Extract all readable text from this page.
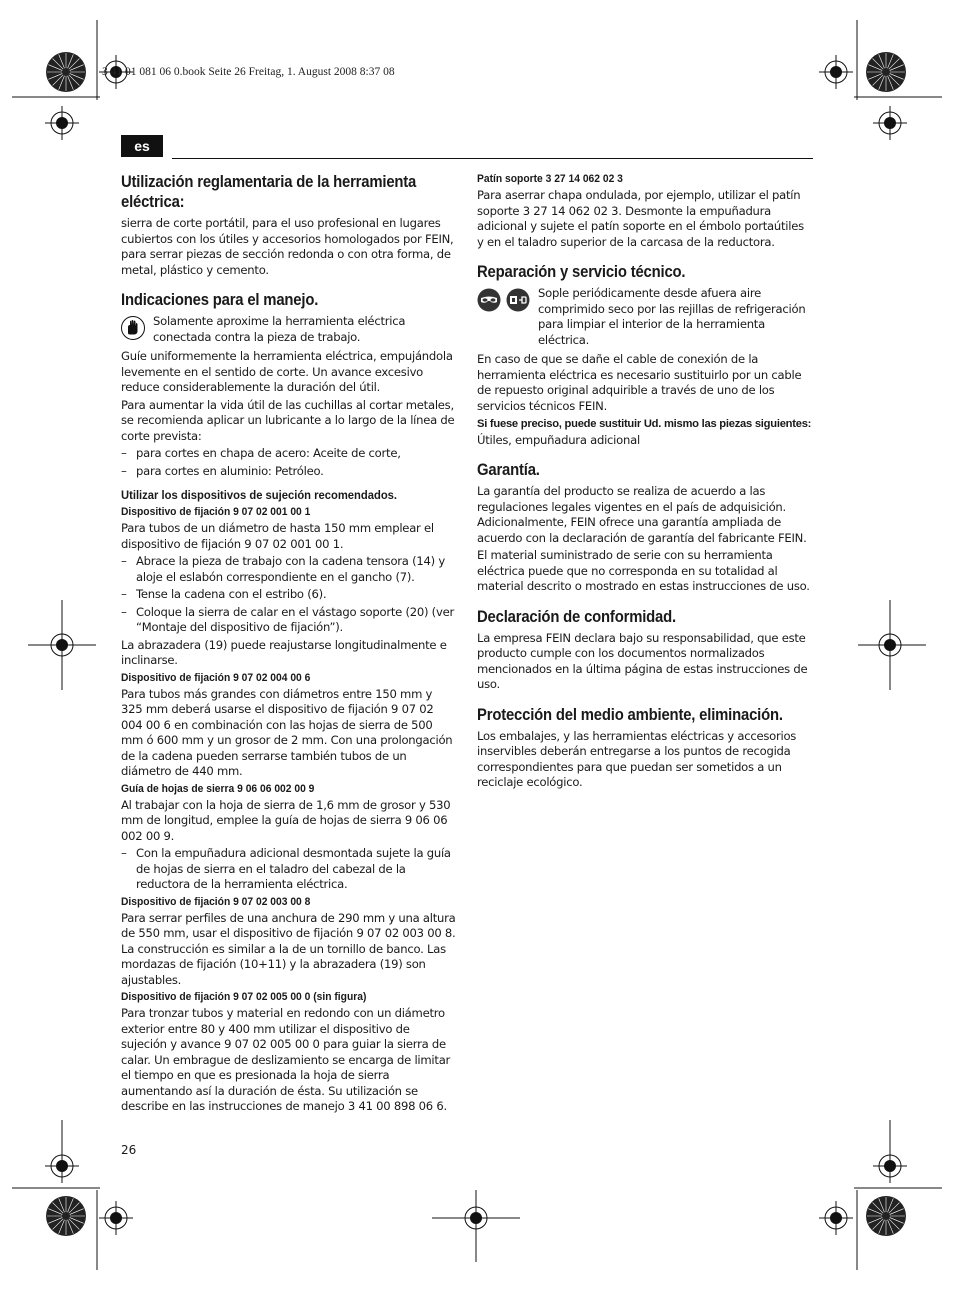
3 41 01 081 06 0.book Seite 26 Freitag, 1. August 2008 8:37 08
es
Utilización reglamentaria de la herramienta eléctrica:

sierra de corte portátil, para el uso profesional en lugares cubiertos con los útiles y accesorios homologados por FEIN, para serrar piezas de sección redonda o con otra forma, de metal, plástico y cemento.

Indicaciones para el manejo.

Solamente aproxime la herramienta eléctrica conectada contra la pieza de trabajo.

Guíe uniformemente la herramienta eléctrica, empujándola levemente en el sentido de corte. Un avance excesivo reduce considerablemente la duración del útil.

Para aumentar la vida útil de las cuchillas al cortar metales, se recomienda aplicar un lubricante a lo largo de la línea de corte prevista:

– para cortes en chapa de acero: Aceite de corte,
– para cortes en aluminio: Petróleo.
Utilizar los dispositivos de sujeción recomendados.
Dispositivo de fijación 9 07 02 001 00 1

Para tubos de un diámetro de hasta 150 mm emplear el dispositivo de fijación 9 07 02 001 00 1.

– Abrace la pieza de trabajo con la cadena tensora (14) y aloje el eslabón correspondiente en el gancho (7).
– Tense la cadena con el estribo (6).
– Coloque la sierra de calar en el vástago soporte (20) (ver “Montaje del dispositivo de fijación”).

La abrazadera (19) puede reajustarse longitudinalmente e inclinarse.

Dispositivo de fijación 9 07 02 004 00 6

Para tubos más grandes con diámetros entre 150 mm y 325 mm deberá usarse el dispositivo de fijación 9 07 02 004 00 6 en combinación con las hojas de sierra de 500 mm ó 600 mm y un grosor de 2 mm. Con una prolongación de la cadena pueden serrarse también tubos de un diámetro de 440 mm.

Guía de hojas de sierra 9 06 06 002 00 9

Al trabajar con la hoja de sierra de 1,6 mm de grosor y 530 mm de longitud, emplee la guía de hojas de sierra 9 06 06 002 00 9.

– Con la empuñadura adicional desmontada sujete la guía de hojas de sierra en el taladro del cabezal de la reductora de la herramienta eléctrica.
Dispositivo de fijación 9 07 02 003 00 8

Para serrar perfiles de una anchura de 290 mm y una altura de 550 mm, usar el dispositivo de fijación 9 07 02 003 00 8. La construcción es similar a la de un tornillo de banco. Las mordazas de fijación (10+11) y la abrazadera (19) son ajustables.

Dispositivo de fijación 9 07 02 005 00 0 (sin figura)

Para tronzar tubos y material en redondo con un diámetro exterior entre 80 y 400 mm utilizar el dispositivo de sujeción y avance 9 07 02 005 00 0 para guiar la sierra de calar. Un embrague de deslizamiento se encarga de limitar el tiempo en que es presionada la hoja de sierra aumentando así la duración de ésta. Su utilización se describe en las instrucciones de manejo 3 41 00 898 06 6.

Patín soporte 3 27 14 062 02 3

Para aserrar chapa ondulada, por ejemplo, utilizar el patín soporte 3 27 14 062 02 3. Desmonte la empuñadura adicional y sujete el patín soporte en el émbolo portaútiles y en el taladro superior de la carcasa de la reductora.

Reparación y servicio técnico.

Sople periódicamente desde afuera aire comprimido seco por las rejillas de refrigeración para limpiar el interior de la herramienta eléctrica.

En caso de que se dañe el cable de conexión de la herramienta eléctrica es necesario sustituirlo por un cable de repuesto original adquirible a través de uno de los servicios técnicos FEIN.

Si fuese preciso, puede sustituir Ud. mismo las piezas siguientes: Útiles, empuñadura adicional

Garantía.

La garantía del producto se realiza de acuerdo a las regulaciones legales vigentes en el país de adquisición. Adicionalmente, FEIN ofrece una garantía ampliada de acuerdo con la declaración de garantía del fabricante FEIN.

El material suministrado de serie con su herramienta eléctrica puede que no corresponda en su totalidad al material descrito o mostrado en estas instrucciones de uso.

Declaración de conformidad.

La empresa FEIN declara bajo su responsabilidad, que este producto cumple con los documentos normalizados mencionados en la última página de estas instrucciones de uso.

Protección del medio ambiente, eliminación.

Los embalajes, y las herramientas eléctricas y accesorios inservibles deberán entregarse a los puntos de recogida correspondientes para que puedan ser sometidos a un reciclaje ecológico.

26
